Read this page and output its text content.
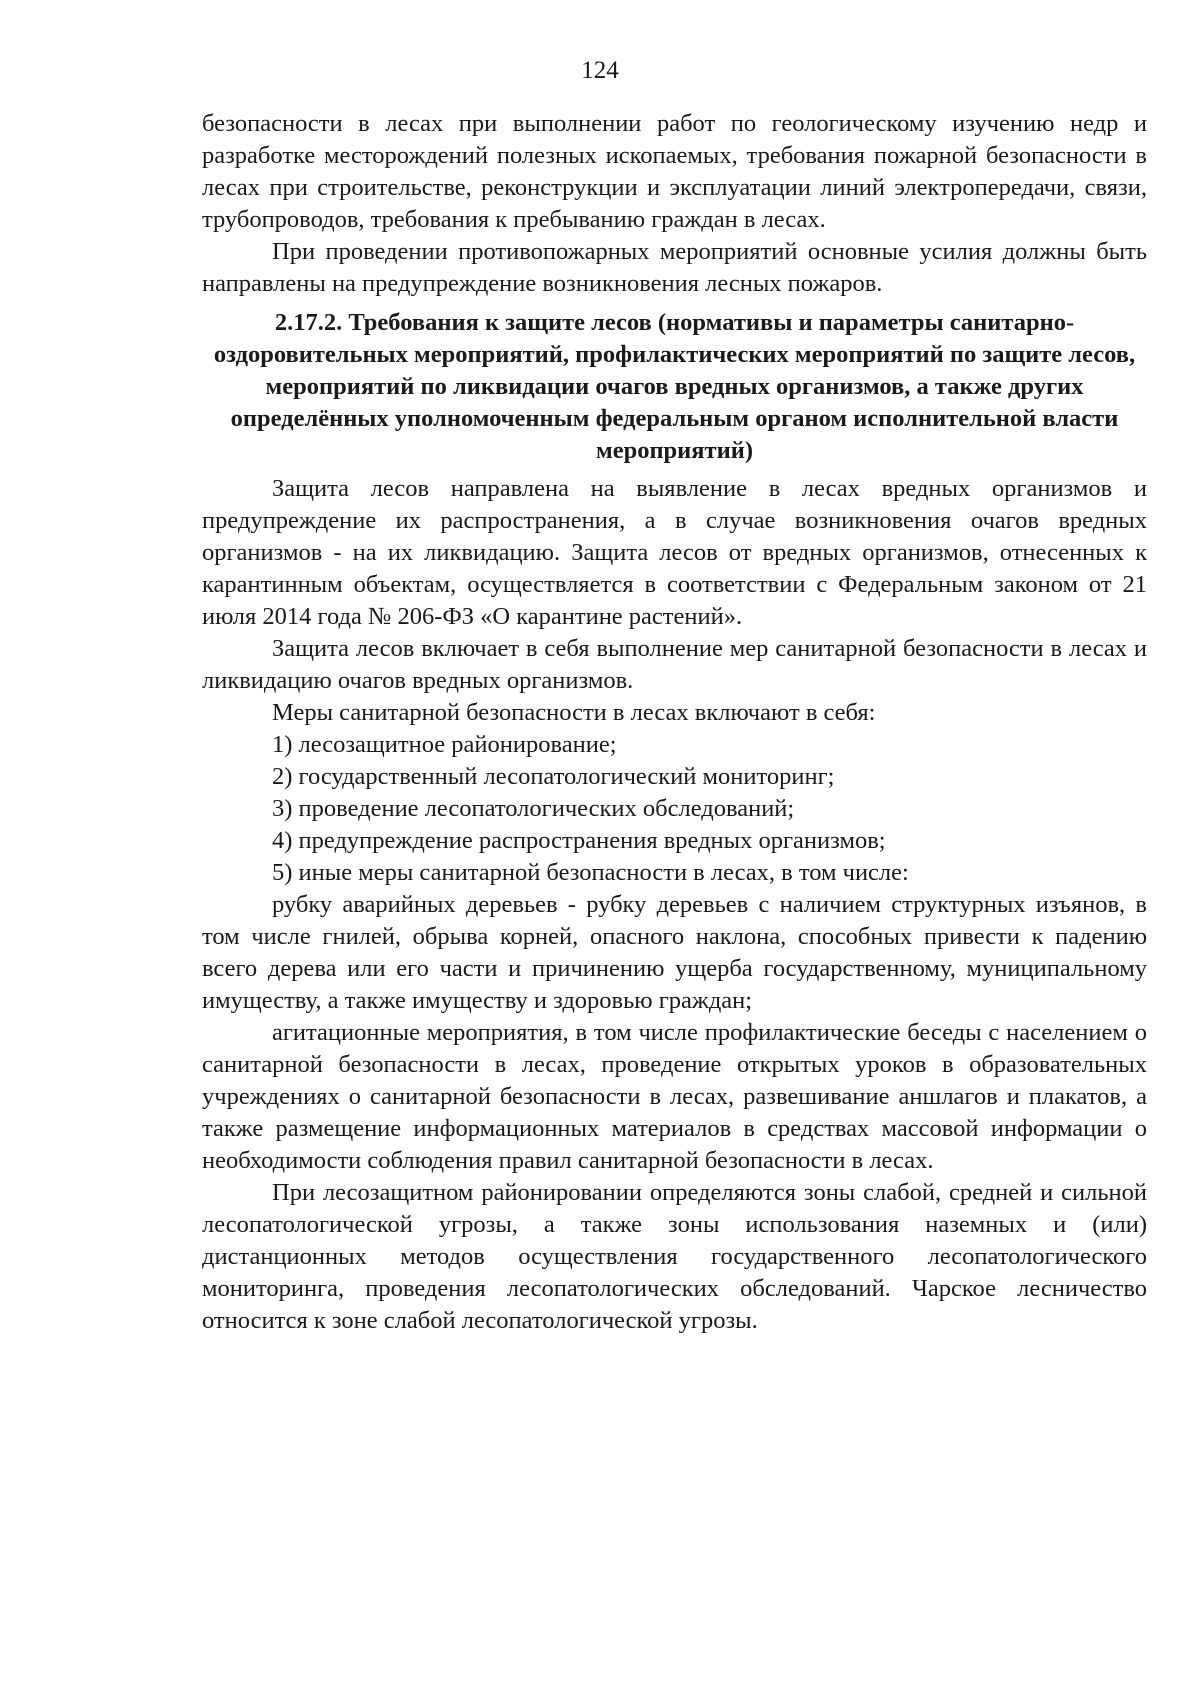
124

безопасности в лесах при выполнении работ по геологическому изучению недр и разработке месторождений полезных ископаемых, требования пожарной безопасности в лесах при строительстве, реконструкции и эксплуатации линий электропередачи, связи, трубопроводов, требования к пребыванию граждан в лесах.

При проведении противопожарных мероприятий основные усилия должны быть направлены на предупреждение возникновения лесных пожаров.

2.17.2. Требования к защите лесов (нормативы и параметры санитарно-оздоровительных мероприятий, профилактических мероприятий по защите лесов, мероприятий по ликвидации очагов вредных организмов, а также других определённых уполномоченным федеральным органом исполнительной власти мероприятий)

Защита лесов направлена на выявление в лесах вредных организмов и предупреждение их распространения, а в случае возникновения очагов вредных организмов - на их ликвидацию. Защита лесов от вредных организмов, отнесенных к карантинным объектам, осуществляется в соответствии с Федеральным законом от 21 июля 2014 года № 206-ФЗ «О карантине растений».

Защита лесов включает в себя выполнение мер санитарной безопасности в лесах и ликвидацию очагов вредных организмов.

Меры санитарной безопасности в лесах включают в себя:

1) лесозащитное районирование;

2) государственный лесопатологический мониторинг;

3) проведение лесопатологических обследований;

4) предупреждение распространения вредных организмов;

5) иные меры санитарной безопасности в лесах, в том числе:

рубку аварийных деревьев - рубку деревьев с наличием структурных изъянов, в том числе гнилей, обрыва корней, опасного наклона, способных привести к падению всего дерева или его части и причинению ущерба государственному, муниципальному имуществу, а также имуществу и здоровью граждан;

агитационные мероприятия, в том числе профилактические беседы с населением о санитарной безопасности в лесах, проведение открытых уроков в образовательных учреждениях о санитарной безопасности в лесах, развешивание аншлагов и плакатов, а также размещение информационных материалов в средствах массовой информации о необходимости соблюдения правил санитарной безопасности в лесах.

При лесозащитном районировании определяются зоны слабой, средней и сильной лесопатологической угрозы, а также зоны использования наземных и (или) дистанционных методов осуществления государственного лесопатологического мониторинга, проведения лесопатологических обследований. Чарское лесничество относится к зоне слабой лесопатологической угрозы.
